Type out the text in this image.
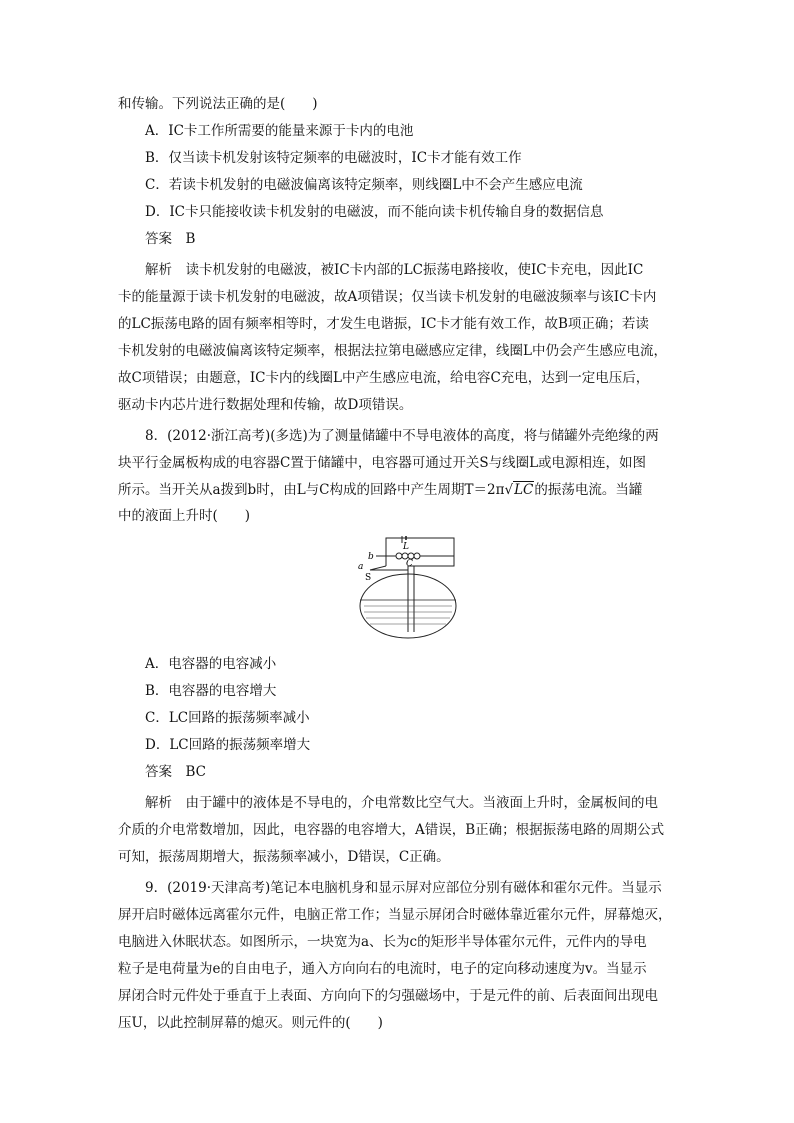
和传输。下列说法正确的是(　　)
A．IC卡工作所需要的能量来源于卡内的电池
B．仅当读卡机发射该特定频率的电磁波时，IC卡才能有效工作
C．若读卡机发射的电磁波偏离该特定频率，则线圈L中不会产生感应电流
D．IC卡只能接收读卡机发射的电磁波，而不能向读卡机传输自身的数据信息
答案　B
解析　读卡机发射的电磁波，被IC卡内部的LC振荡电路接收，使IC卡充电，因此IC
卡的能量源于读卡机发射的电磁波，故A项错误；仅当读卡机发射的电磁波频率与该IC卡内
的LC振荡电路的固有频率相等时，才发生电谐振，IC卡才能有效工作，故B项正确；若读
卡机发射的电磁波偏离该特定频率，根据法拉第电磁感应定律，线圈L中仍会产生感应电流，
故C项错误；由题意，IC卡内的线圈L中产生感应电流，给电容C充电，达到一定电压后，
驱动卡内芯片进行数据处理和传输，故D项错误。
8．(2012·浙江高考)(多选)为了测量储罐中不导电液体的高度，将与储罐外壳绝缘的两
块平行金属板构成的电容器C置于储罐中，电容器可通过开关S与线圈L或电源相连，如图
所示。当开关从a拨到b时，由L与C构成的回路中产生周期T＝2π√LC的振荡电流。当罐
中的液面上升时(　　)
L
b
a	C
S
A．电容器的电容减小
B．电容器的电容增大
C．LC回路的振荡频率减小
D．LC回路的振荡频率增大
答案　BC
解析　由于罐中的液体是不导电的，介电常数比空气大。当液面上升时，金属板间的电
介质的介电常数增加，因此，电容器的电容增大，A错误，B正确；根据振荡电路的周期公式
可知，振荡周期增大，振荡频率减小，D错误，C正确。
9．(2019·天津高考)笔记本电脑机身和显示屏对应部位分别有磁体和霍尔元件。当显示
屏开启时磁体远离霍尔元件，电脑正常工作；当显示屏闭合时磁体靠近霍尔元件，屏幕熄灭，
电脑进入休眠状态。如图所示，一块宽为a、长为c的矩形半导体霍尔元件，元件内的导电
粒子是电荷量为e的自由电子，通入方向向右的电流时，电子的定向移动速度为v。当显示
屏闭合时元件处于垂直于上表面、方向向下的匀强磁场中，于是元件的前、后表面间出现电
压U，以此控制屏幕的熄灭。则元件的(　　)
